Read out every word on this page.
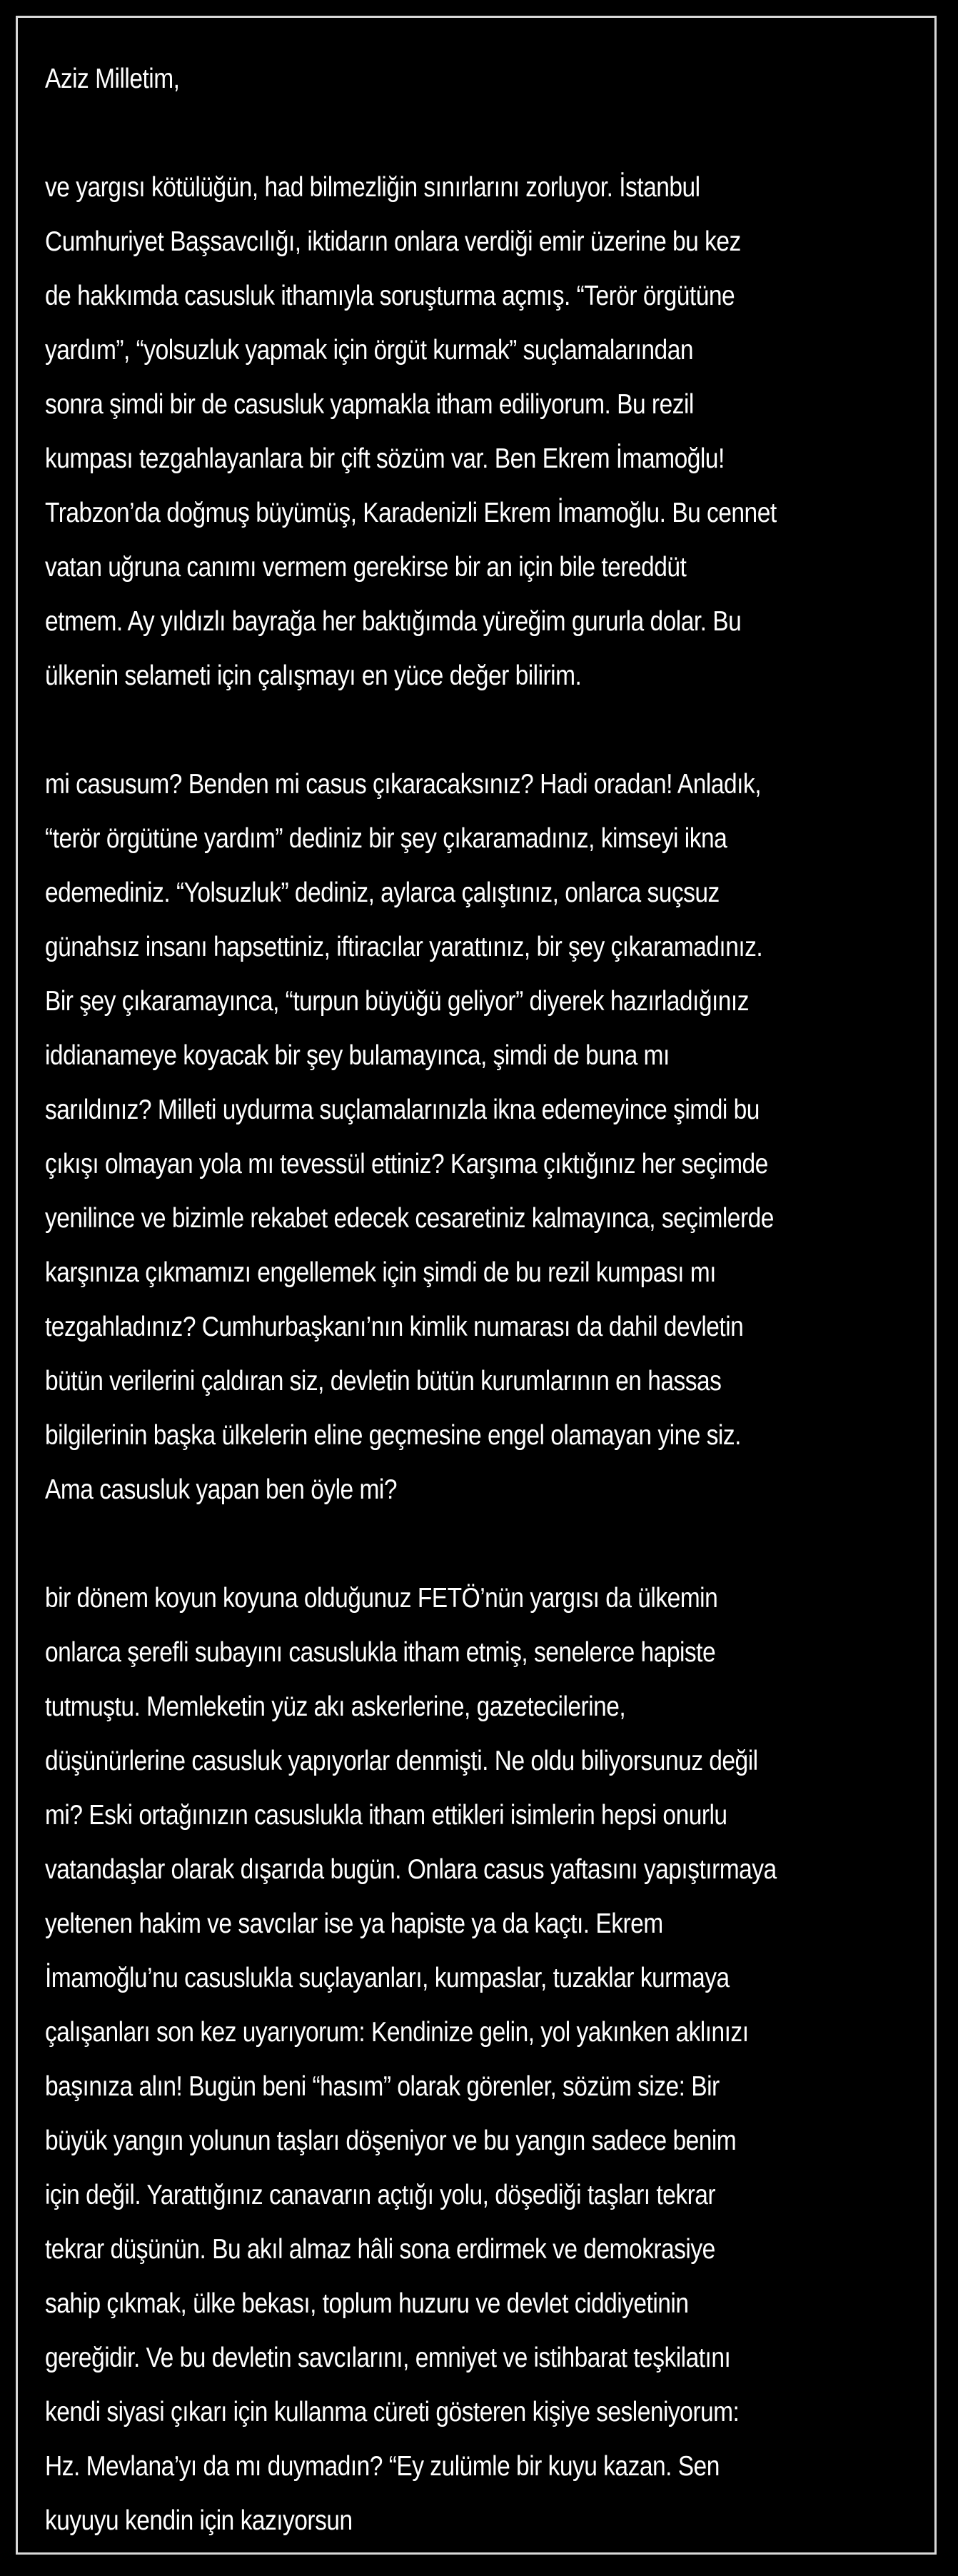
Aziz Milletim,
ve yargısı kötülüğün, had bilmezliğin sınırlarını zorluyor. İstanbul
Cumhuriyet Başsavcılığı, iktidarın onlara verdiği emir üzerine bu kez
de hakkımda casusluk ithamıyla soruşturma açmış. “Terör örgütüne
yardım”, “yolsuzluk yapmak için örgüt kurmak” suçlamalarından
sonra şimdi bir de casusluk yapmakla itham ediliyorum. Bu rezil
kumpası tezgahlayanlara bir çift sözüm var. Ben Ekrem İmamoğlu!
Trabzon’da doğmuş büyümüş, Karadenizli Ekrem İmamoğlu. Bu cennet
vatan uğruna canımı vermem gerekirse bir an için bile tereddüt
etmem. Ay yıldızlı bayrağa her baktığımda yüreğim gururla dolar. Bu
ülkenin selameti için çalışmayı en yüce değer bilirim.
mi casusum? Benden mi casus çıkaracaksınız? Hadi oradan! Anladık,
“terör örgütüne yardım” dediniz bir şey çıkaramadınız, kimseyi ikna
edemediniz. “Yolsuzluk” dediniz, aylarca çalıştınız, onlarca suçsuz
günahsız insanı hapsettiniz, iftiracılar yarattınız, bir şey çıkaramadınız.
Bir şey çıkaramayınca, “turpun büyüğü geliyor” diyerek hazırladığınız
iddianameye koyacak bir şey bulamayınca, şimdi de buna mı
sarıldınız? Milleti uydurma suçlamalarınızla ikna edemeyince şimdi bu
çıkışı olmayan yola mı tevessül ettiniz? Karşıma çıktığınız her seçimde
yenilince ve bizimle rekabet edecek cesaretiniz kalmayınca, seçimlerde
karşınıza çıkmamızı engellemek için şimdi de bu rezil kumpası mı
tezgahladınız? Cumhurbaşkanı’nın kimlik numarası da dahil devletin
bütün verilerini çaldıran siz, devletin bütün kurumlarının en hassas
bilgilerinin başka ülkelerin eline geçmesine engel olamayan yine siz.
Ama casusluk yapan ben öyle mi?
bir dönem koyun koyuna olduğunuz FETÖ’nün yargısı da ülkemin
onlarca şerefli subayını casuslukla itham etmiş, senelerce hapiste
tutmuştu. Memleketin yüz akı askerlerine, gazetecilerine,
düşünürlerine casusluk yapıyorlar denmişti. Ne oldu biliyorsunuz değil
mi? Eski ortağınızın casuslukla itham ettikleri isimlerin hepsi onurlu
vatandaşlar olarak dışarıda bugün. Onlara casus yaftasını yapıştırmaya
yeltenen hakim ve savcılar ise ya hapiste ya da kaçtı. Ekrem
İmamoğlu’nu casuslukla suçlayanları, kumpaslar, tuzaklar kurmaya
çalışanları son kez uyarıyorum: Kendinize gelin, yol yakınken aklınızı
başınıza alın! Bugün beni “hasım” olarak görenler, sözüm size: Bir
büyük yangın yolunun taşları döşeniyor ve bu yangın sadece benim
için değil. Yarattığınız canavarın açtığı yolu, döşediği taşları tekrar
tekrar düşünün. Bu akıl almaz hâli sona erdirmek ve demokrasiye
sahip çıkmak, ülke bekası, toplum huzuru ve devlet ciddiyetinin
gereğidir. Ve bu devletin savcılarını, emniyet ve istihbarat teşkilatını
kendi siyasi çıkarı için kullanma cüreti gösteren kişiye sesleniyorum:
Hz. Mevlana’yı da mı duymadın? “Ey zulümle bir kuyu kazan. Sen
kuyuyu kendin için kazıyorsun
